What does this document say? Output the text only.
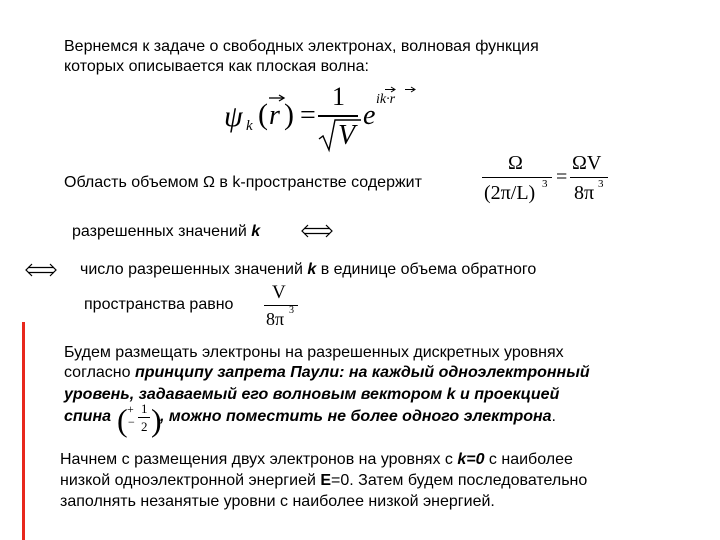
Вернемся к задаче о свободных электронах, волновая функция
которых описывается как плоская волна:
ψ k ( r ) =
1
V
e
ik·r
Область объемом Ω в k-пространстве содержит
Ω
(2π/L) 3 =
ΩV
8π 3
разрешенных значений k
число разрешенных значений k в единице объема обратного
пространства равно
V
8π 3
Будем размещать электроны на разрешенных дискретных уровнях
согласно принципу запрета Паули: на каждый одноэлектронный
уровень, задаваемый его волновым вектором k и проекцией
спина ( +
−
1
2 )
, можно поместить не более одного электрона.
Начнем с размещения двух электронов на уровнях с k=0 с наиболее
низкой одноэлектронной энергией E=0. Затем будем последовательно
заполнять незанятые уровни с наиболее низкой энергией.
